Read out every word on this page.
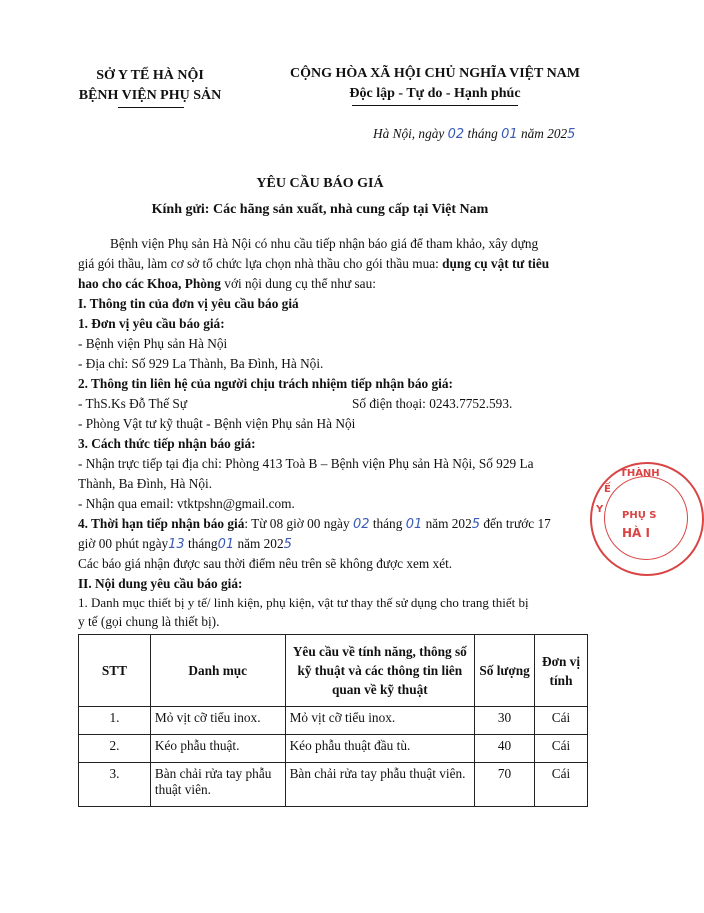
SỞ Y TẾ HÀ NỘI
BỆNH VIỆN PHỤ SẢN
CỘNG HÒA XÃ HỘI CHỦ NGHĨA VIỆT NAM
Độc lập - Tự do - Hạnh phúc
Hà Nội, ngày 02 tháng 01 năm 2025
YÊU CẦU BÁO GIÁ
Kính gửi: Các hãng sản xuất, nhà cung cấp tại Việt Nam
Bệnh viện Phụ sản Hà Nội có nhu cầu tiếp nhận báo giá để tham khảo, xây dựng
giá gói thầu, làm cơ sở tổ chức lựa chọn nhà thầu cho gói thầu mua: dụng cụ vật tư tiêu
hao cho các Khoa, Phòng với nội dung cụ thể như sau:
I. Thông tin của đơn vị yêu cầu báo giá
1. Đơn vị yêu cầu báo giá:
- Bệnh viện Phụ sản Hà Nội
- Địa chỉ: Số 929 La Thành, Ba Đình, Hà Nội.
2. Thông tin liên hệ của người chịu trách nhiệm tiếp nhận báo giá:
- ThS.Ks Đỗ Thế Sự	Số điện thoại: 0243.7752.593.
- Phòng Vật tư kỹ thuật - Bệnh viện Phụ sản Hà Nội
3. Cách thức tiếp nhận báo giá:
- Nhận trực tiếp tại địa chỉ: Phòng 413 Toà B – Bệnh viện Phụ sản Hà Nội, Số 929 La
Thành, Ba Đình, Hà Nội.
- Nhận qua email: vtktpshn@gmail.com.
4. Thời hạn tiếp nhận báo giá: Từ 08 giờ 00 ngày 02 tháng 01 năm 2025 đến trước 17
giờ 00 phút ngày13 tháng01 năm 2025
Các báo giá nhận được sau thời điểm nêu trên sẽ không được xem xét.
II. Nội dung yêu cầu báo giá:
1. Danh mục thiết bị y tế/ linh kiện, phụ kiện, vật tư thay thế sử dụng cho trang thiết bị
y tế (gọi chung là thiết bị).
STT	Danh mục	Yêu cầu về tính năng, thông số kỹ thuật và các thông tin liên quan về kỹ thuật	Số lượng	Đơn vị tính
1.	Mỏ vịt cỡ tiểu inox.	Mỏ vịt cỡ tiểu inox.	30	Cái
2.	Kéo phẫu thuật.	Kéo phẫu thuật đầu tù.	40	Cái
3.	Bàn chải rửa tay phẫu thuật viên.	Bàn chải rửa tay phẫu thuật viên.	70	Cái
THÀNH
PHỤ S
HÀ I
Ế
Y
